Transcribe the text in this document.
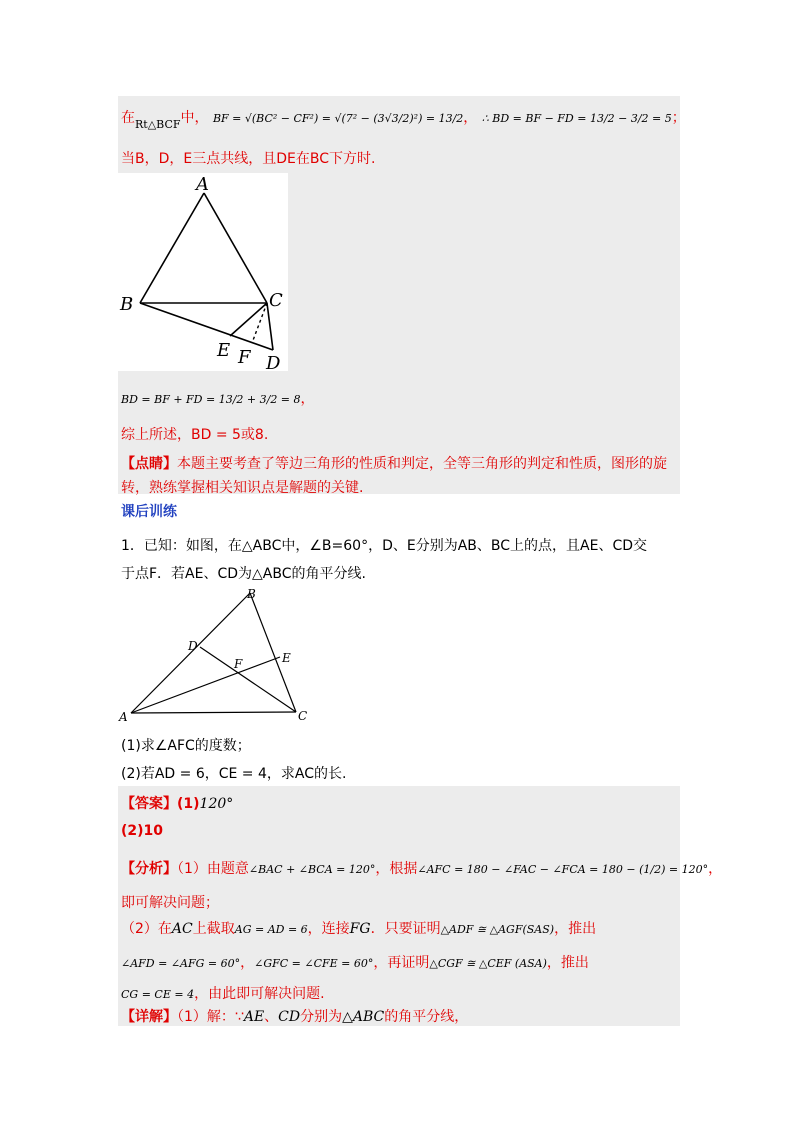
在$_{Rt\triangle BCF}$中， BF = √(BC² − CF²) = √(7² − (3√3/2)²) = 13/2， ∴ BD = BF − FD = 13/2 − 3/2 = 5；
当B，D，E三点共线，且DE在BC下方时.
A
B	C
E F D
BD = BF + FD = 13/2 + 3/2 = 8，
综上所述，BD = 5或8.
【点睛】本题主要考查了等边三角形的性质和判定，全等三角形的判定和性质，图形的旋
转，熟练掌握相关知识点是解题的关键.
课后训练
1．已知：如图，在△ABC中，∠B=60°，D、E分别为AB、BC上的点，且AE、CD交
于点F．若AE、CD为△ABC的角平分线.
A
B
C
D
E
F
(1)求∠AFC的度数；
(2)若AD = 6，CE = 4，求AC的长.
【答案】(1)120°
(2)10
【分析】（1）由题意∠BAC + ∠BCA = 120°，根据∠AFC = 180 − ∠FAC − ∠FCA = 180 − (1/2) = 120°，
即可解决问题；
（2）在AC上截取AG = AD = 6，连接FG．只要证明△ADF ≅ △AGF(SAS)，推出
∠AFD = ∠AFG = 60°，∠GFC = ∠CFE = 60°，再证明△CGF ≅ △CEF (ASA)，推出
CG = CE = 4，由此即可解决问题.
【详解】（1）解：∵AE、CD分别为△ABC的角平分线，
